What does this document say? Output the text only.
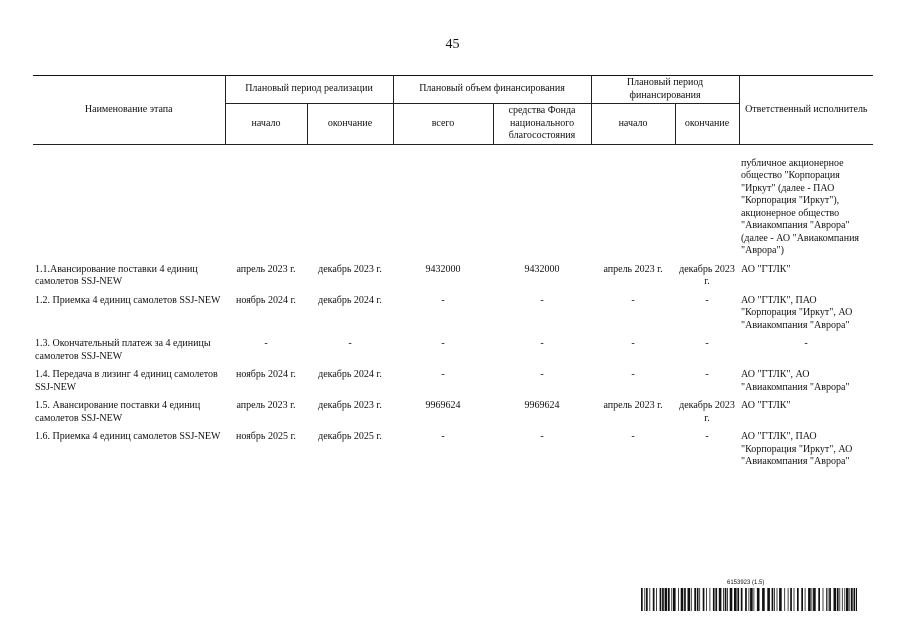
45
Наименование этапа	Плановый период реализации		Плановый объем финансирования		Плановый период финансирования		Ответственный исполнитель
	начало	окончание	всего	средства Фонда национального благосостояния	начало	окончание	
							публичное акционерное общество "Корпорация "Иркут" (далее - ПАО "Корпорация "Иркут"), акционерное общество "Авиакомпания "Аврора" (далее - АО "Авиакомпания "Аврора")
1.1.Авансирование поставки 4 единиц самолетов SSJ-NEW	апрель 2023 г.	декабрь 2023 г.	9432000	9432000	апрель 2023 г.	декабрь 2023 г.	АО "ГТЛК"
1.2. Приемка 4 единиц самолетов SSJ-NEW	ноябрь 2024 г.	декабрь 2024 г.	-	-	-	-	АО "ГТЛК", ПАО "Корпорация "Иркут", АО "Авиакомпания "Аврора"
1.3. Окончательный платеж за 4 единицы самолетов SSJ-NEW	-	-	-	-	-	-	-
1.4. Передача в лизинг 4 единиц самолетов SSJ-NEW	ноябрь 2024 г.	декабрь 2024 г.	-	-	-	-	АО "ГТЛК", АО "Авиакомпания "Аврора"
1.5. Авансирование поставки 4 единиц самолетов SSJ-NEW	апрель 2023 г.	декабрь 2023 г.	9969624	9969624	апрель 2023 г.	декабрь 2023 г.	АО "ГТЛК"
1.6. Приемка 4 единиц самолетов SSJ-NEW	ноябрь 2025 г.	декабрь 2025 г.	-	-	-	-	АО "ГТЛК", ПАО "Корпорация "Иркут", АО "Авиакомпания "Аврора"
6153923 (1.5)
